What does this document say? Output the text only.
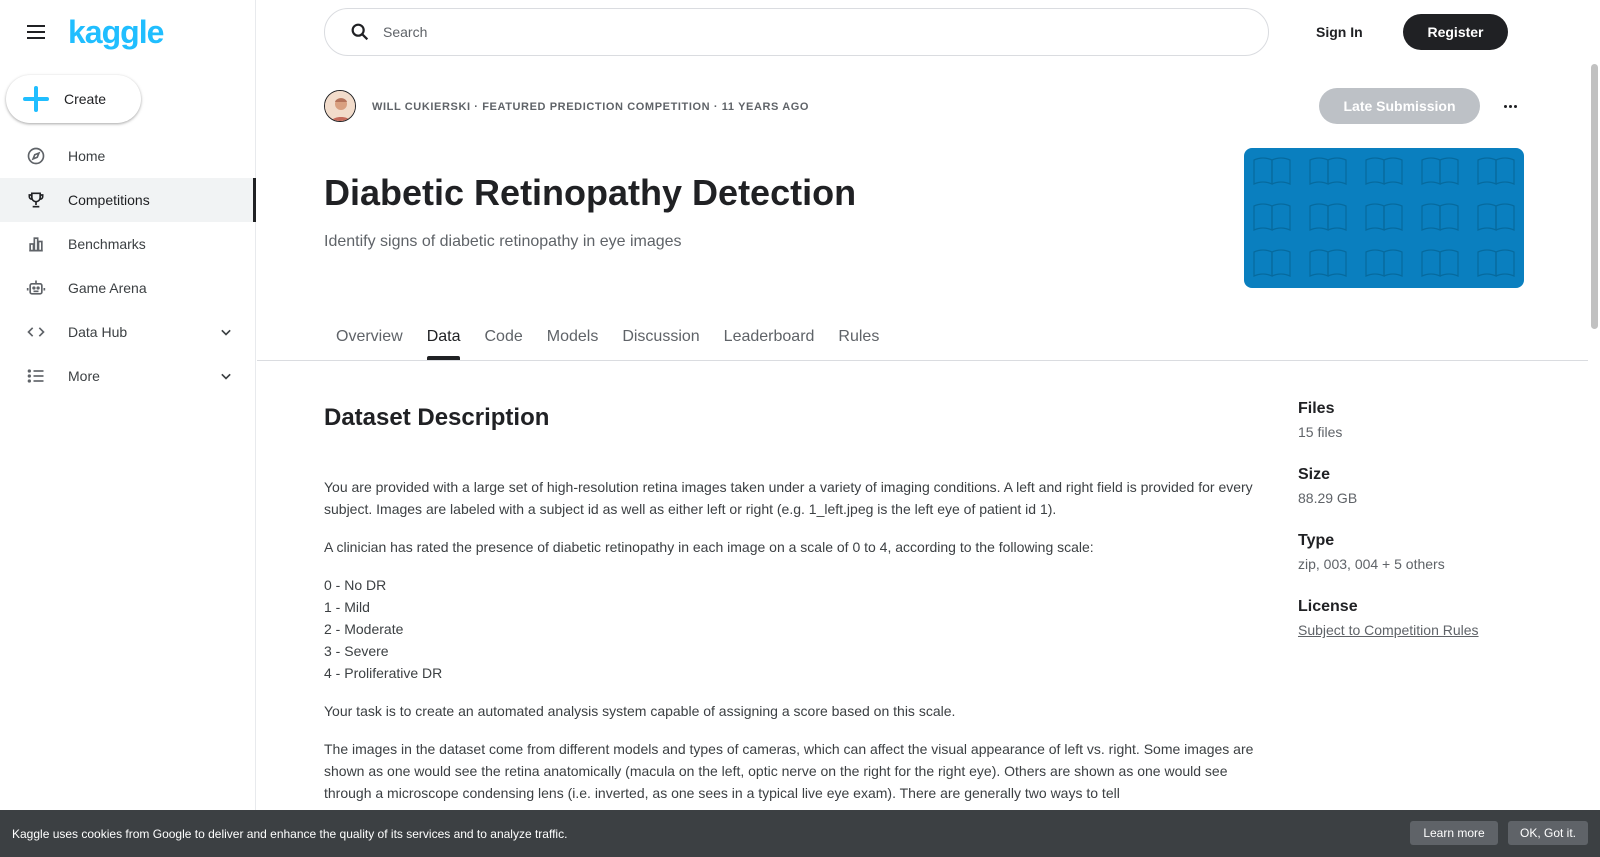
kaggle
Create
Home
Competitions
Benchmarks
Game Arena
Data Hub
More
Search
Sign In	Register
WILL CUKIERSKI · FEATURED PREDICTION COMPETITION · 11 YEARS AGO	Late Submission
Diabetic Retinopathy Detection
Identify signs of diabetic retinopathy in eye images
Overview	Data	Code	Models	Discussion	Leaderboard	Rules
Dataset Description

You are provided with a large set of high-resolution retina images taken under a variety of imaging conditions. A left and right field is provided for every subject. Images are labeled with a subject id as well as either left or right (e.g. 1_left.jpeg is the left eye of patient id 1).

A clinician has rated the presence of diabetic retinopathy in each image on a scale of 0 to 4, according to the following scale:

0 - No DR
1 - Mild
2 - Moderate
3 - Severe
4 - Proliferative DR

Your task is to create an automated analysis system capable of assigning a score based on this scale.

The images in the dataset come from different models and types of cameras, which can affect the visual appearance of left vs. right. Some images are shown as one would see the retina anatomically (macula on the left, optic nerve on the right for the right eye). Others are shown as one would see through a microscope condensing lens (i.e. inverted, as one sees in a typical live eye exam). There are generally two ways to tell

Files
15 files
Size
88.29 GB
Type
zip, 003, 004 + 5 others
License
Subject to Competition Rules
Kaggle uses cookies from Google to deliver and enhance the quality of its services and to analyze traffic.	Learn more	OK, Got it.
